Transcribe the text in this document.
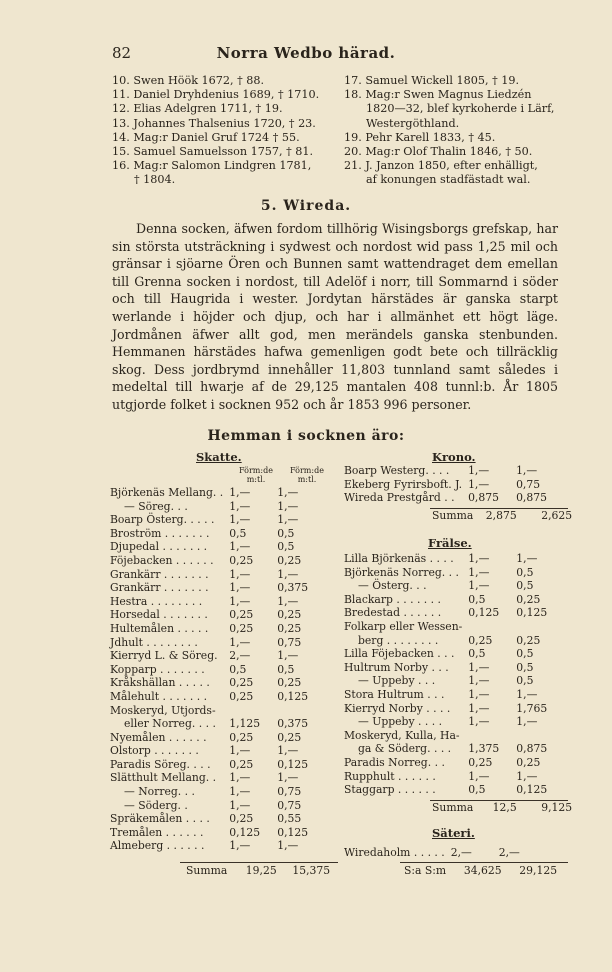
82	Norra Wedbo härad.
10. Swen Höök 1672, † 88.
11. Daniel Dryhdenius 1689, † 1710.
12. Elias Adelgren 1711, † 19.
13. Johannes Thalsenius 1720, † 23.
14. Mag:r Daniel Gruf 1724 † 55.
15. Samuel Samuelsson 1757, † 81.
16. Mag:r Salomon Lindgren 1781,
† 1804.
17. Samuel Wickell 1805, † 19.
18. Mag:r Swen Magnus Liedzén
1820—32, blef kyrkoherde i Lärf,
Westergöthland.
19. Pehr Karell 1833, † 45.
20. Mag:r Olof Thalin 1846, † 50.
21. J. Janzon 1850, efter enhälligt,
af konungen stadfästadt wal.
5. Wireda.

Denna socken, äfwen fordom tillhörig Wisingsborgs grefskap, har sin största utsträckning i sydwest och nordost wid pass 1,25 mil och gränsar i sjöarne Ören och Bunnen samt wattendraget dem emellan till Grenna socken i nordost, till Adelöf i norr, till Sommarnd i söder och till Haugrida i wester. Jordytan härstädes är ganska starpt werlande i höjder och djup, och har i allmänhet ett högt läge. Jordmånen äfwer allt god, men merändels ganska stenbunden. Hemmanen härstädes hafwa gemenligen godt bete och tillräcklig skog. Dess jordbrymd innehåller 11,803 tunnland samt således i medeltal till hwarje af de 29,125 mantalen 408 tunnl:b. År 1805 utgjorde folket i socknen 952 och år 1853 996 personer.

Hemman i socknen äro:
Skatte.
Förm:de
m:tl.
Förm:de
m:tl.
Björkenäs Mellang. .	1,—	1,—
— Söreg. . .	1,—	1,—
Boarp Österg. . . . .	1,—	1,—
Broström . . . . . . .	0,5	0,5
Djupedal . . . . . . .	1,—	0,5
Föjebacken . . . . . .	0,25	0,25
Grankärr . . . . . . .	1,—	1,—
Grankärr . . . . . . .	1,—	0,375
Hestra . . . . . . . .	1,—	1,—
Horsedal . . . . . . .	0,25	0,25
Hultemålen . . . . .	0,25	0,25
Jdhult . . . . . . . .	1,—	0,75
Kierryd L. & Söreg.	2,—	1,—
Kopparp . . . . . . .	0,5	0,5
Kråkshällan . . . . .	0,25	0,25
Målehult . . . . . . .	0,25	0,125
Moskeryd, Utjords-		
eller Norreg. . . .	1,125	0,375
Nyemålen . . . . . .	0,25	0,25
Olstorp . . . . . . .	1,—	1,—
Paradis Söreg. . . .	0,25	0,125
Slätthult Mellang. .	1,—	1,—
— Norreg. . .	1,—	0,75
— Söderg. .	1,—	0,75
Spräkemålen . . . .	0,25	0,55
Tremålen . . . . . .	0,125	0,125
Almeberg . . . . . .	1,—	1,—
Summa 19,25 15,375
Krono.
Boarp Westerg. . . .	1,—	1,—
Ekeberg Fyrirsboft. J.	1,—	0,75
Wireda Prestgård . .	0,875	0,875
Summa 2,875 2,625
Frälse.
Lilla Björkenäs . . . .	1,—	1,—
Björkenäs Norreg. . .	1,—	0,5
— Österg. . .	1,—	0,5
Blackarp . . . . . . .	0,5	0,25
Bredestad . . . . . .	0,125	0,125
Folkarp eller Wessen-		
berg . . . . . . . .	0,25	0,25
Lilla Föjebacken . . .	0,5	0,5
Hultrum Norby . . .	1,—	0,5
— Uppeby . . .	1,—	0,5
Stora Hultrum . . .	1,—	1,—
Kierryd Norby . . . .	1,—	1,765
— Uppeby . . . .	1,—	1,—
Moskeryd, Kulla, Ha-		
ga & Söderg. . . .	1,375	0,875
Paradis Norreg. . .	0,25	0,25
Rupphult . . . . . .	1,—	1,—
Staggarp . . . . . .	0,5	0,125
Summa 12,5 9,125
Säteri.
Wiredaholm . . . . .	2,—	2,—
S:a S:m 34,625 29,125
